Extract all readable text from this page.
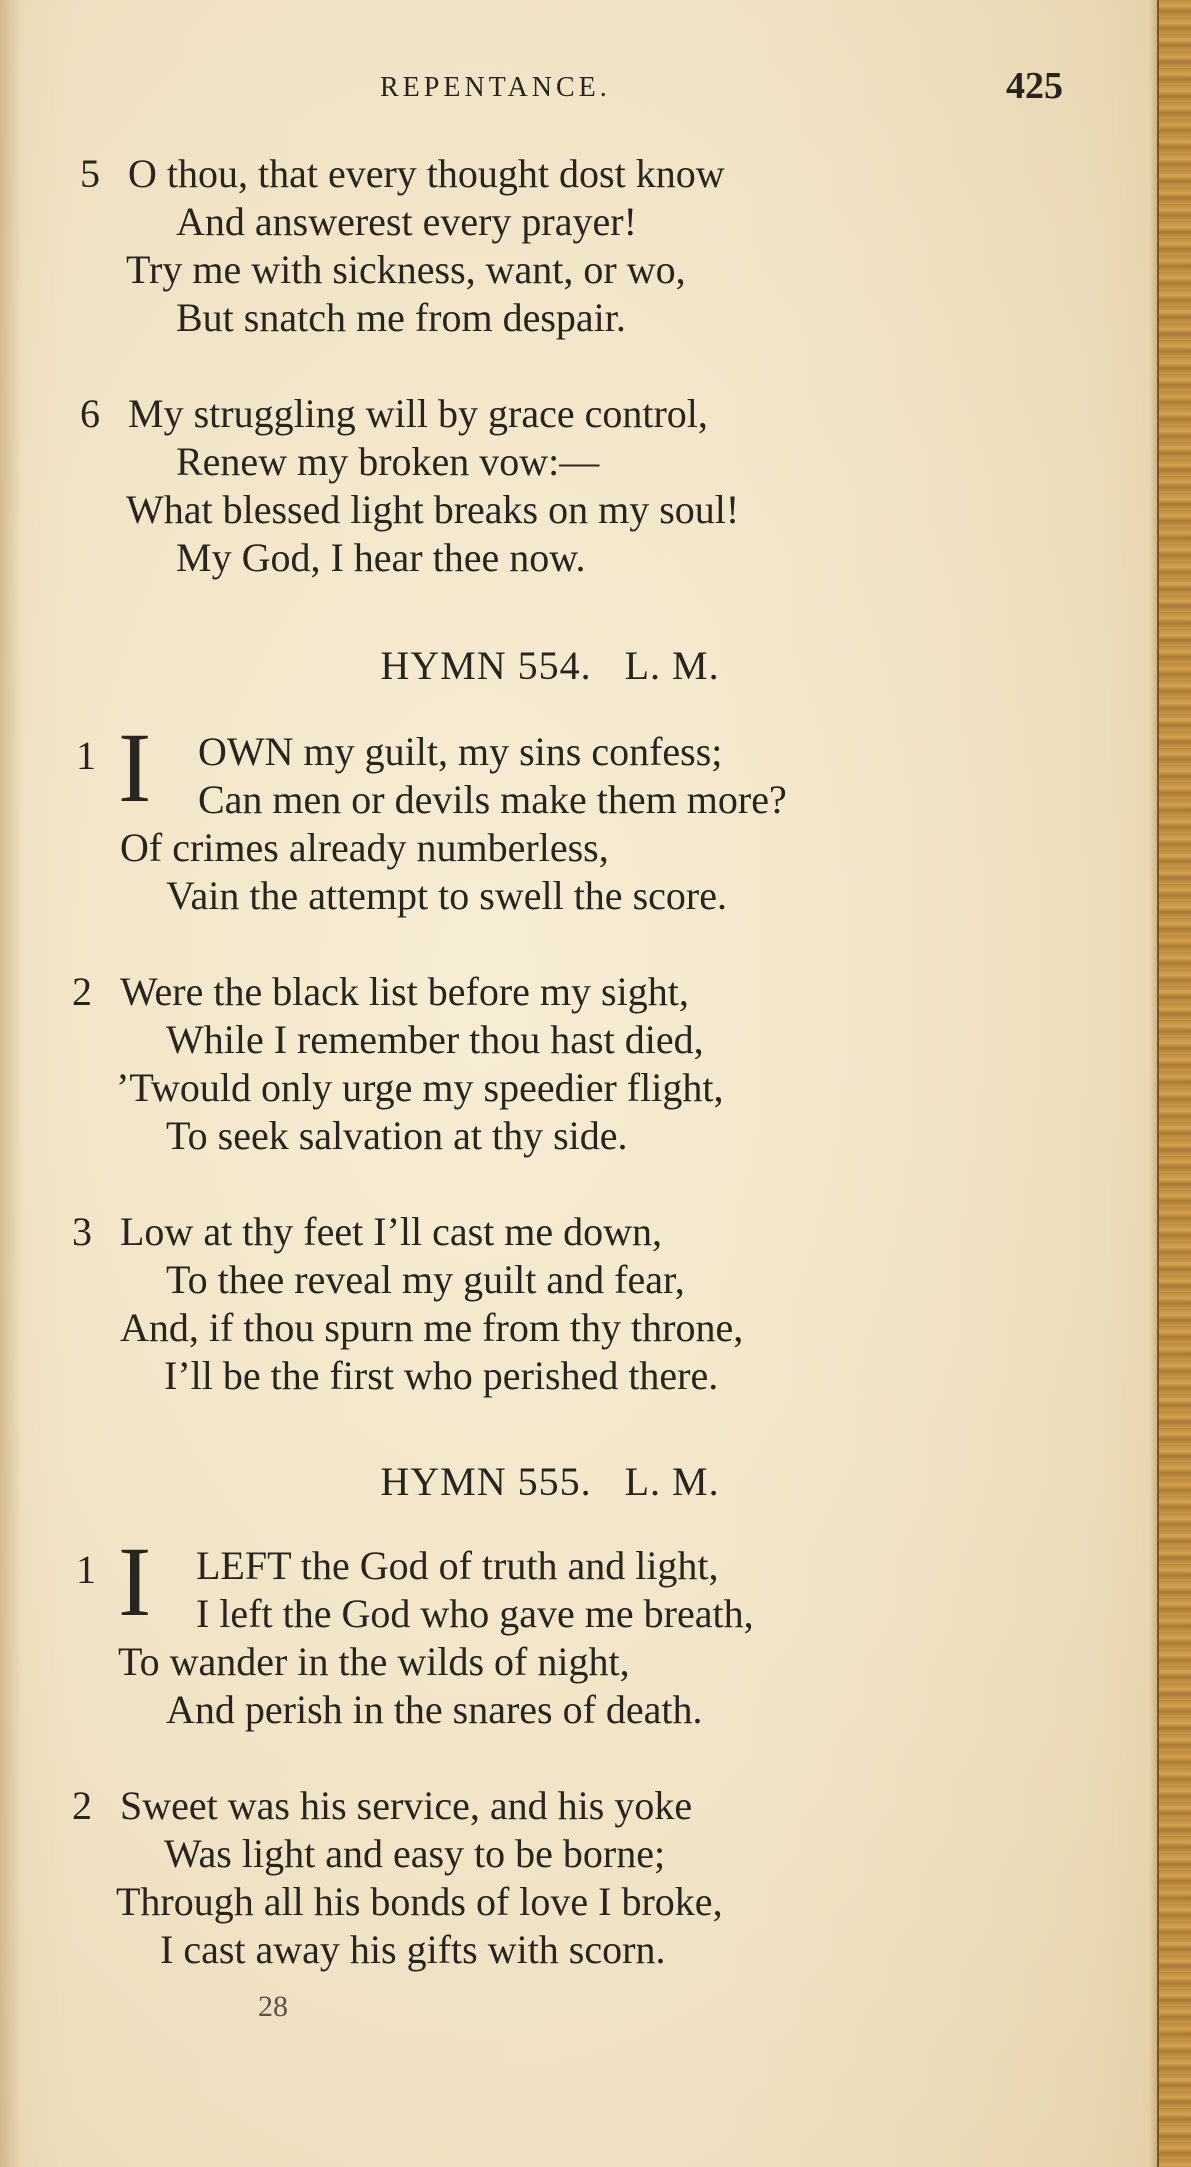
REPENTANCE.	425
5 O thou, that every thought dost know
And answerest every prayer!
Try me with sickness, want, or wo,
But snatch me from despair.
6 My struggling will by grace control,
Renew my broken vow:—
What blessed light breaks on my soul!
My God, I hear thee now.
HYMN 554.   L. M.
1 I OWN my guilt, my sins confess;
Can men or devils make them more?
Of crimes already numberless,
Vain the attempt to swell the score.
2 Were the black list before my sight,
While I remember thou hast died,
’Twould only urge my speedier flight,
To seek salvation at thy side.
3 Low at thy feet I’ll cast me down,
To thee reveal my guilt and fear,
And, if thou spurn me from thy throne,
I’ll be the first who perished there.
HYMN 555.   L. M.
1 I LEFT the God of truth and light,
I left the God who gave me breath,
To wander in the wilds of night,
And perish in the snares of death.
2 Sweet was his service, and his yoke
Was light and easy to be borne;
Through all his bonds of love I broke,
I cast away his gifts with scorn.
28
